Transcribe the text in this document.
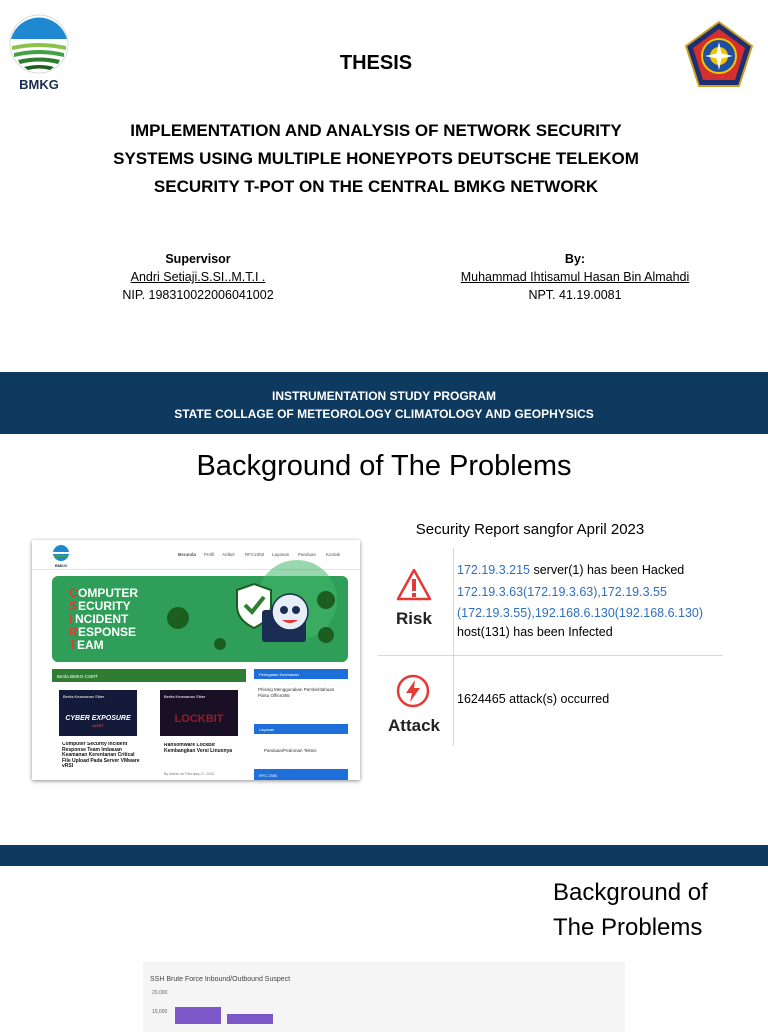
BMKG
THESIS
IMPLEMENTATION AND ANALYSIS OF NETWORK SECURITY
SYSTEMS USING MULTIPLE HONEYPOTS DEUTSCHE TELEKOM
SECURITY T-POT ON THE CENTRAL BMKG NETWORK
Supervisor
Andri Setiaji.S.SI..M.T.I .
NIP. 198310022006041002
By:
Muhammad Ihtisamul Hasan Bin Almahdi
NPT. 41.19.0081
INSTRUMENTATION STUDY PROGRAM
STATE COLLAGE OF METEOROLOGY CLIMATOLOGY AND GEOPHYSICS
Background of The Problems
BMKG
Beranda Profil Artikel RFC2350 Layanan Panduan Kontak
C OMPUTER
S ECURITY
I NCIDENT
R ESPONSE
T EAM
Berita BMKG-CSIRT
Berita Keamanan Siber
CYBER EXPOSURE
ALERT
Computer Security Incident Response Team Imbauan Keamanan Kerentanan Critical File Upload Pada Server VMware vRSI
Berita Keamanan Siber
LOCKBIT
Ransomware LockBit Kembangkan Versi Linuxnya
By Admin on February 17, 2022
Peringatan Keamanan
Phising Menggunakan Pemberitahuan Palsu Office365
Layanan
Panduan/Pedoman Teknis
RFC 2350
Security Report sangfor April 2023
Risk
172.19.3.215 server(1) has been Hacked
172.19.3.63(172.19.3.63),172.19.3.55
(172.19.3.55),192.168.6.130(192.168.6.130)
host(131) has been Infected
Attack
1624465 attack(s) occurred
Background of
The Problems
SSH Brute Force Inbound/Outbound Suspect
20,000
15,000
